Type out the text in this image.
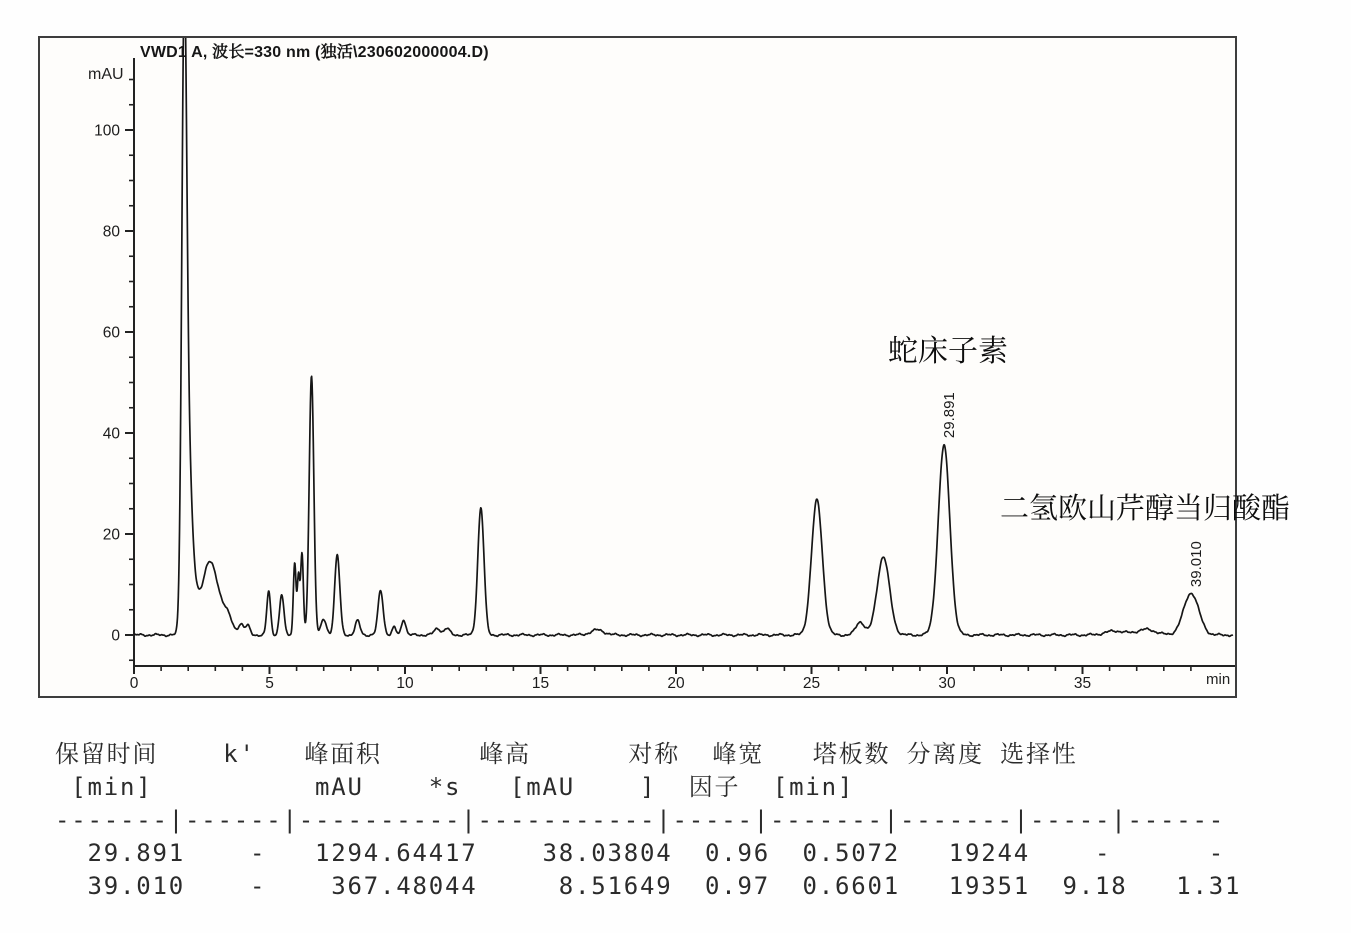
0
20
40
60
80
100
0	5	10	15	20	25	30	35
29.891
39.010
VWD1 A, 波长=330 nm (独活\230602000004.D)
mAU
min
蛇床子素
二氢欧山芹醇当归酸酯
保留时间    k'   峰面积      峰高      对称  峰宽   塔板数 分离度 选择性
[min]          mAU    *s   [mAU    ]  因子  [min]
-------|------|----------|-----------|-----|-------|-------|-----|------
29.891    -   1294.64417    38.03804  0.96  0.5072   19244    -      -
39.010    -    367.48044     8.51649  0.97  0.6601   19351  9.18   1.31
